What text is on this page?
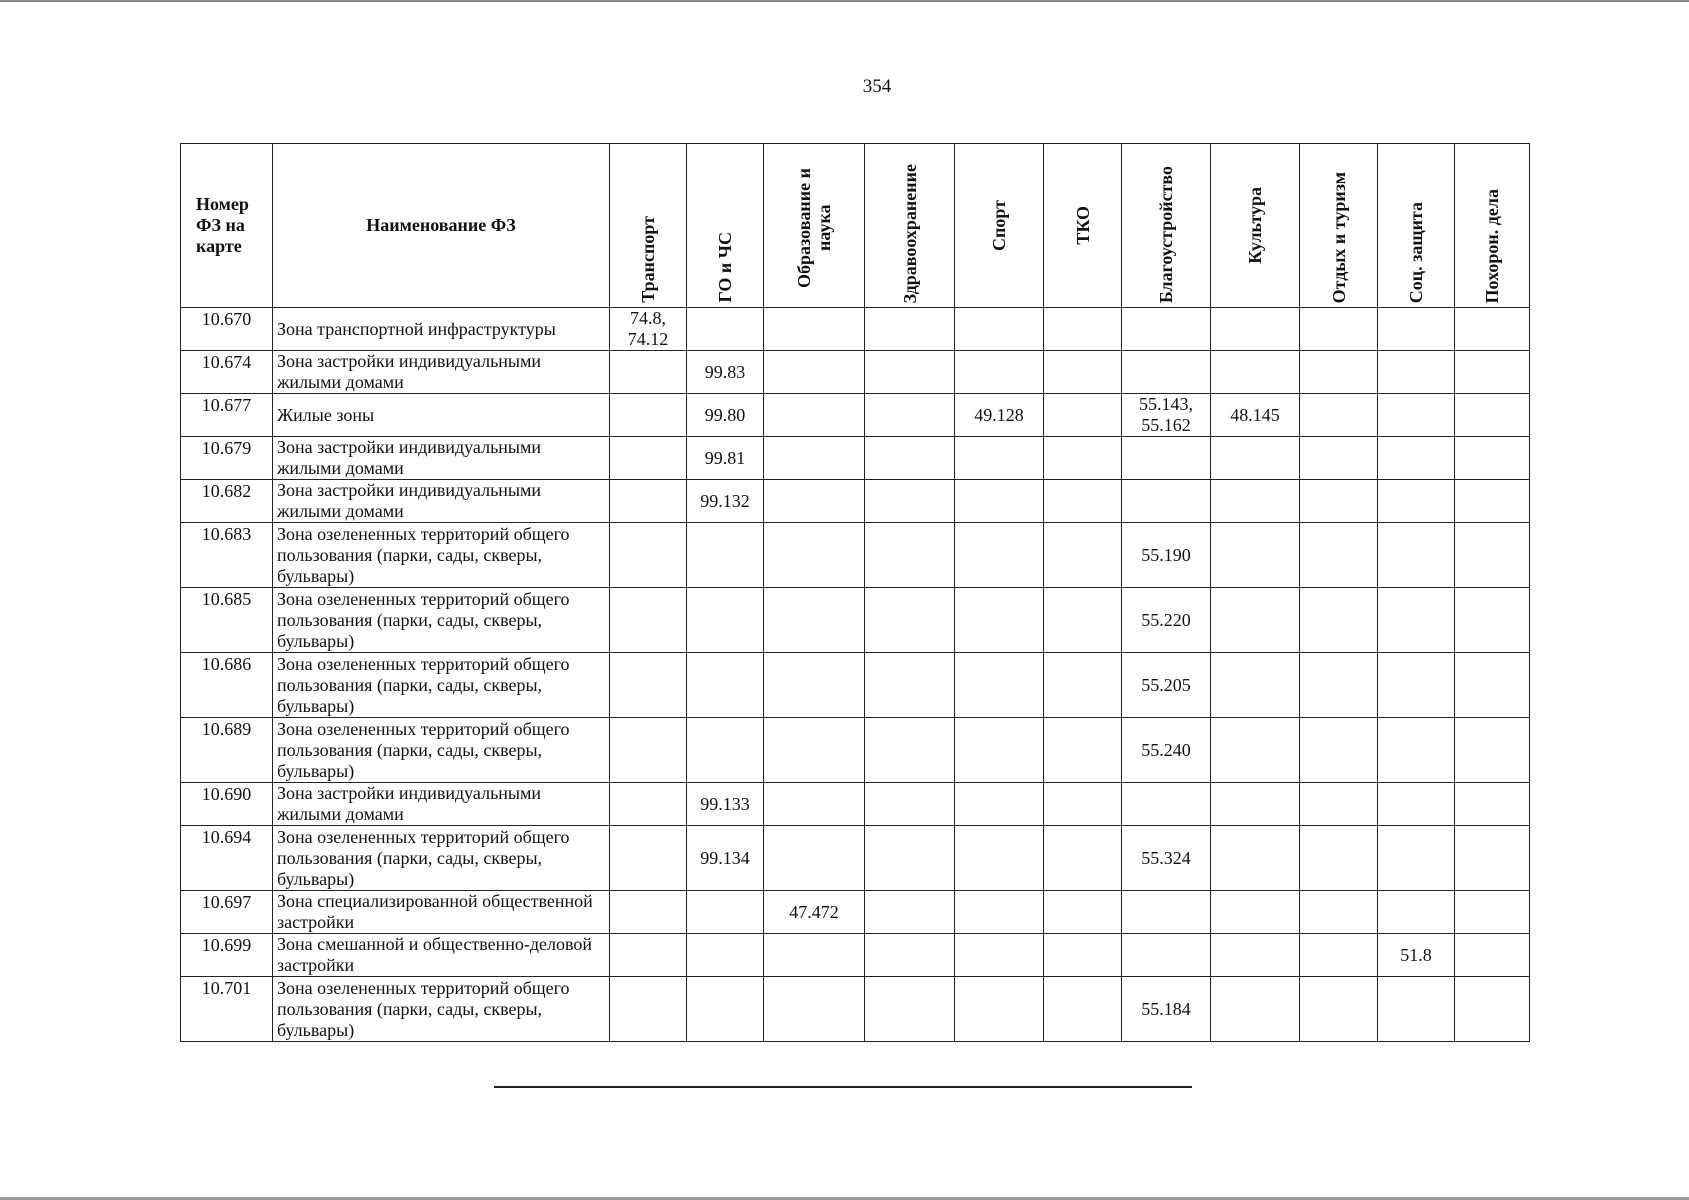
354
Номер ФЗ на карте	Наименование ФЗ	Транспорт	ГО и ЧС	Образование и наука	Здравоохранение	Спорт	ТКО	Благоустройство	Культура	Отдых и туризм	Соц. защита	Похорон. дела

10.670	Зона транспортной инфраструктуры	74.8, 74.12										
10.674	Зона застройки индивидуальными жилыми домами		99.83									
10.677	Жилые зоны		99.80			49.128		55.143, 55.162	48.145			
10.679	Зона застройки индивидуальными жилыми домами		99.81									
10.682	Зона застройки индивидуальными жилыми домами		99.132									
10.683	Зона озелененных территорий общего пользования (парки, сады, скверы, бульвары)							55.190				
10.685	Зона озелененных территорий общего пользования (парки, сады, скверы, бульвары)							55.220				
10.686	Зона озелененных территорий общего пользования (парки, сады, скверы, бульвары)							55.205				
10.689	Зона озелененных территорий общего пользования (парки, сады, скверы, бульвары)							55.240				
10.690	Зона застройки индивидуальными жилыми домами		99.133									
10.694	Зона озелененных территорий общего пользования (парки, сады, скверы, бульвары)		99.134					55.324				
10.697	Зона специализированной общественной застройки			47.472								
10.699	Зона смешанной и общественно-деловой застройки										51.8	
10.701	Зона озелененных территорий общего пользования (парки, сады, скверы, бульвары)							55.184				
